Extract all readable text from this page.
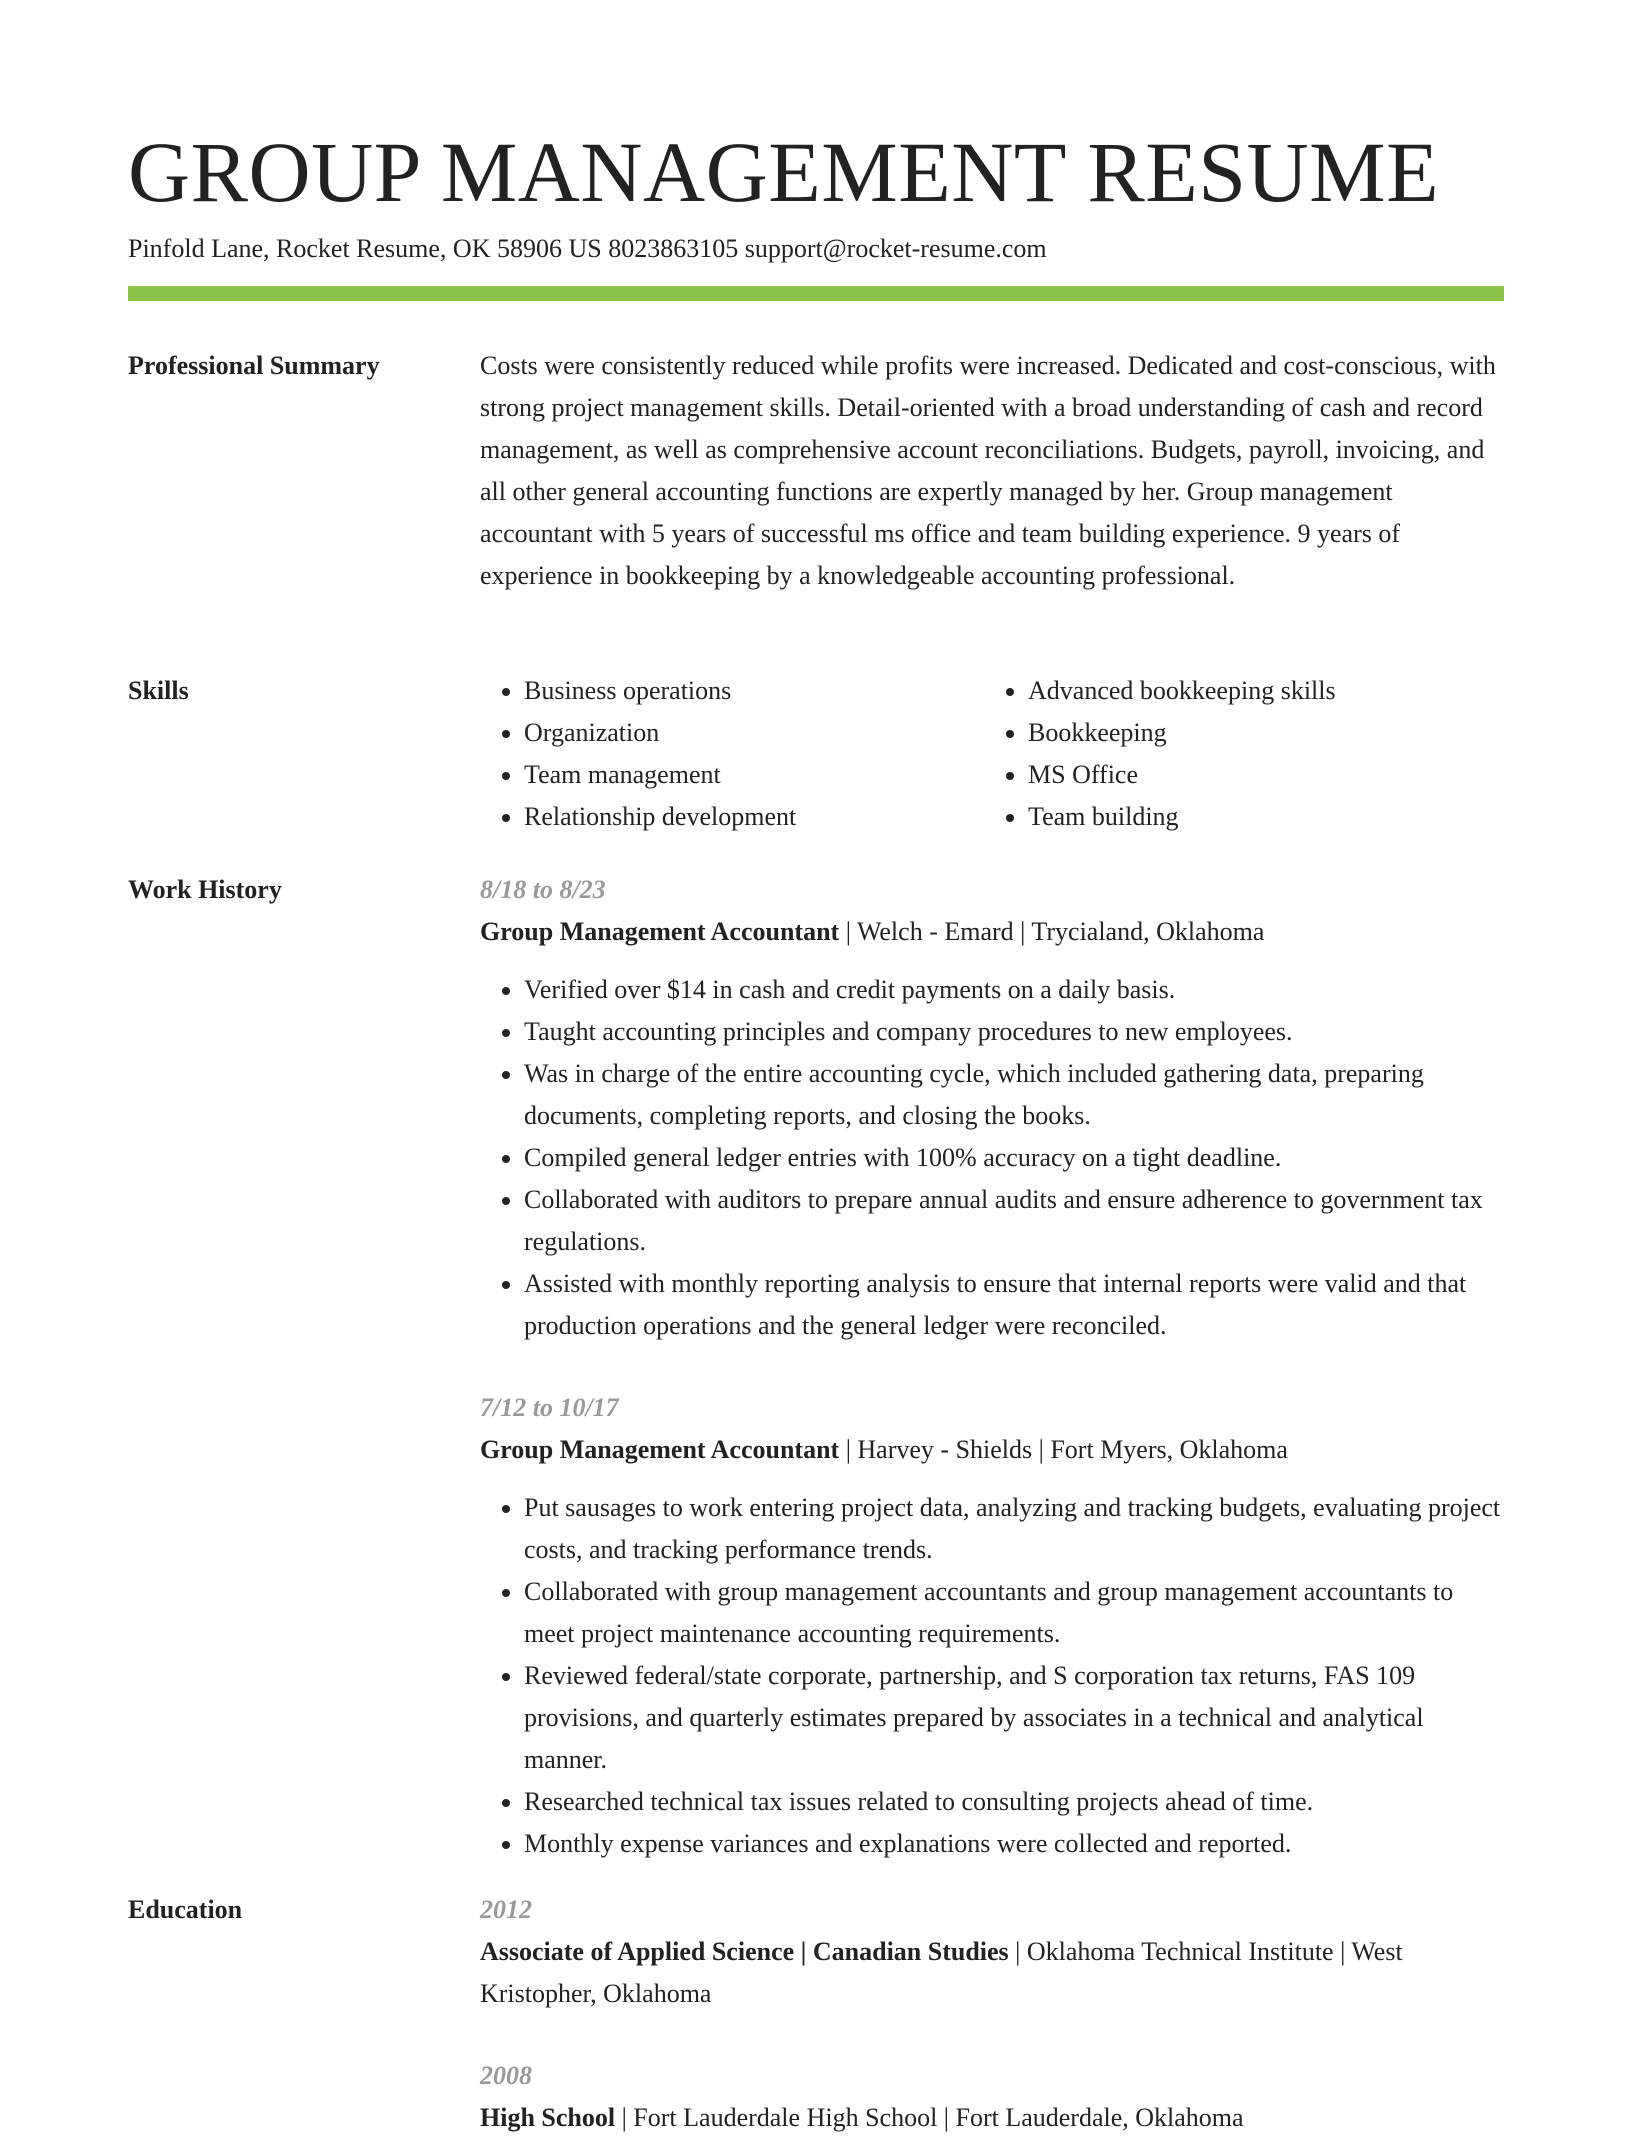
GROUP MANAGEMENT RESUME
Pinfold Lane, Rocket Resume, OK 58906 US 8023863105 support@rocket-resume.com
Professional Summary	Costs were consistently reduced while profits were increased. Dedicated and cost-conscious, with strong project management skills. Detail-oriented with a broad understanding of cash and record management, as well as comprehensive account reconciliations. Budgets, payroll, invoicing, and all other general accounting functions are expertly managed by her. Group management accountant with 5 years of successful ms office and team building experience. 9 years of experience in bookkeeping by a knowledgeable accounting professional.

Skills
•	Business operations
• Organization
• Team management
• Relationship development
• Advanced bookkeeping skills
• Bookkeeping
• MS Office
• Team building
Work History	8/18 to 8/23
Group Management Accountant | Welch - Emard | Trycialand, Oklahoma
• Verified over $14 in cash and credit payments on a daily basis.
• Taught accounting principles and company procedures to new employees.
• Was in charge of the entire accounting cycle, which included gathering data, preparing documents, completing reports, and closing the books.
• Compiled general ledger entries with 100% accuracy on a tight deadline.
• Collaborated with auditors to prepare annual audits and ensure adherence to government tax regulations.
• Assisted with monthly reporting analysis to ensure that internal reports were valid and that production operations and the general ledger were reconciled.
7/12 to 10/17
Group Management Accountant | Harvey - Shields | Fort Myers, Oklahoma
• Put sausages to work entering project data, analyzing and tracking budgets, evaluating project costs, and tracking performance trends.
• Collaborated with group management accountants and group management accountants to meet project maintenance accounting requirements.
• Reviewed federal/state corporate, partnership, and S corporation tax returns, FAS 109 provisions, and quarterly estimates prepared by associates in a technical and analytical manner.
• Researched technical tax issues related to consulting projects ahead of time.
• Monthly expense variances and explanations were collected and reported.
Education	2012
Associate of Applied Science | Canadian Studies | Oklahoma Technical Institute | West Kristopher, Oklahoma
2008
High School | Fort Lauderdale High School | Fort Lauderdale, Oklahoma
